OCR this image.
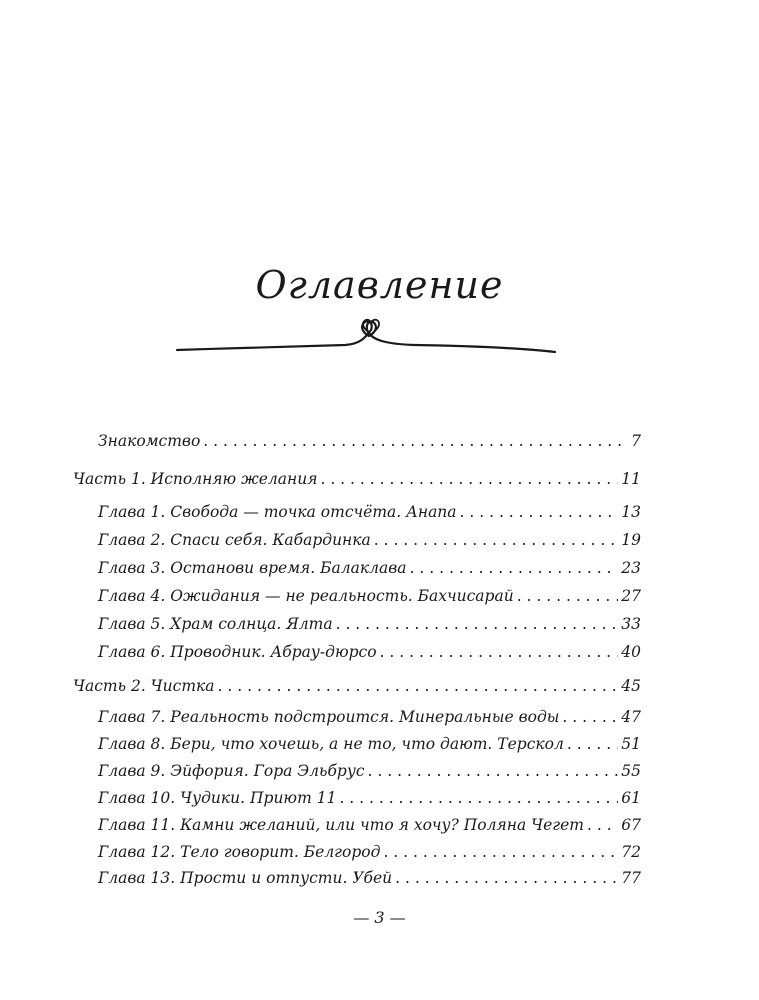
Оглавление
Знакомство . . .	7
Часть 1. Исполняю желания . . .	11
Глава 1. Свобода — точка отсчёта. Анапа . . .	13
Глава 2. Спаси себя. Кабардинка . . .	19
Глава 3. Останови время. Балаклава . . .	23
Глава 4. Ожидания — не реальность. Бахчисарай . . .	27
Глава 5. Храм солнца. Ялта . . .	33
Глава 6. Проводник. Абрау-дюрсо . . .	40
Часть 2. Чистка . . .	45
Глава 7. Реальность подстроится. Минеральные воды . . .	47
Глава 8. Бери, что хочешь, а не то, что дают. Терскол . . .	51
Глава 9. Эйфория. Гора Эльбрус . . .	55
Глава 10. Чудики. Приют 11 . . .	61
Глава 11. Камни желаний, или что я хочу? Поляна Чегет . . . 67
Глава 12. Тело говорит. Белгород . . .	72
Глава 13. Прости и отпусти. Убей . . .	77
— 3 —
